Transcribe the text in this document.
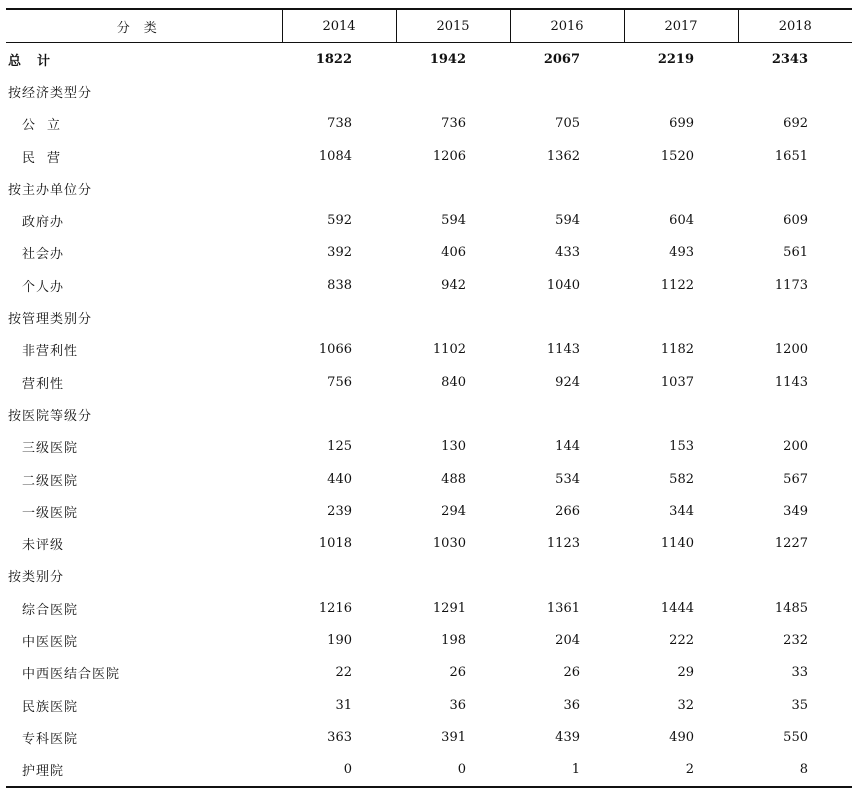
分类	2014	2015	2016	2017	2018
总计	1822	1942	2067	2219	2343
按经济类型分					
公立	738	736	705	699	692
民营	1084	1206	1362	1520	1651
按主办单位分					
政府办	592	594	594	604	609
社会办	392	406	433	493	561
个人办	838	942	1040	1122	1173
按管理类别分					
非营利性	1066	1102	1143	1182	1200
营利性	756	840	924	1037	1143
按医院等级分					
三级医院	125	130	144	153	200
二级医院	440	488	534	582	567
一级医院	239	294	266	344	349
未评级	1018	1030	1123	1140	1227
按类别分					
综合医院	1216	1291	1361	1444	1485
中医医院	190	198	204	222	232
中西医结合医院	22	26	26	29	33
民族医院	31	36	36	32	35
专科医院	363	391	439	490	550
护理院	0	0	1	2	8
